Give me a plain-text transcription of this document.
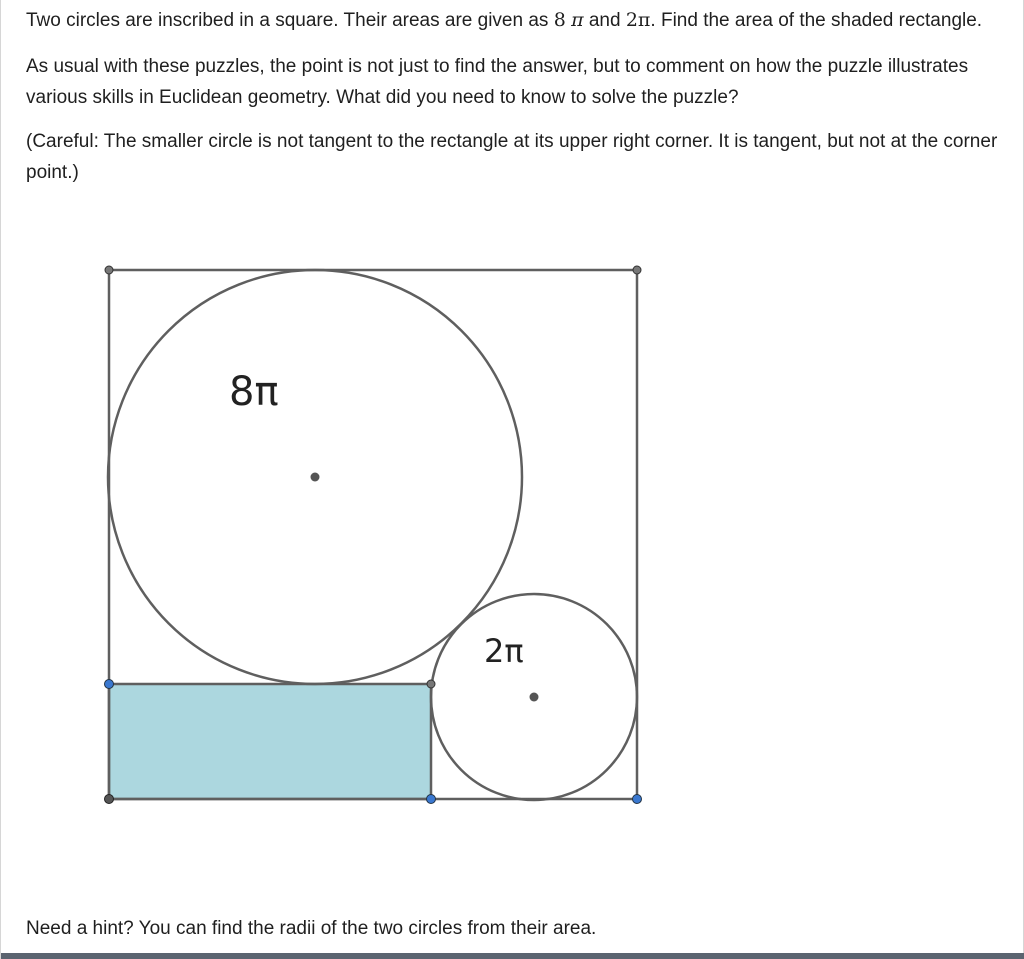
Two circles are inscribed in a square. Their areas are given as 8 π and 2π. Find the area of the shaded rectangle.

As usual with these puzzles, the point is not just to find the answer, but to comment on how the puzzle illustrates various skills in Euclidean geometry. What did you need to know to solve the puzzle?

(Careful: The smaller circle is not tangent to the rectangle at its upper right corner. It is tangent, but not at the corner point.)

8π
2π

Need a hint? You can find the radii of the two circles from their area.
